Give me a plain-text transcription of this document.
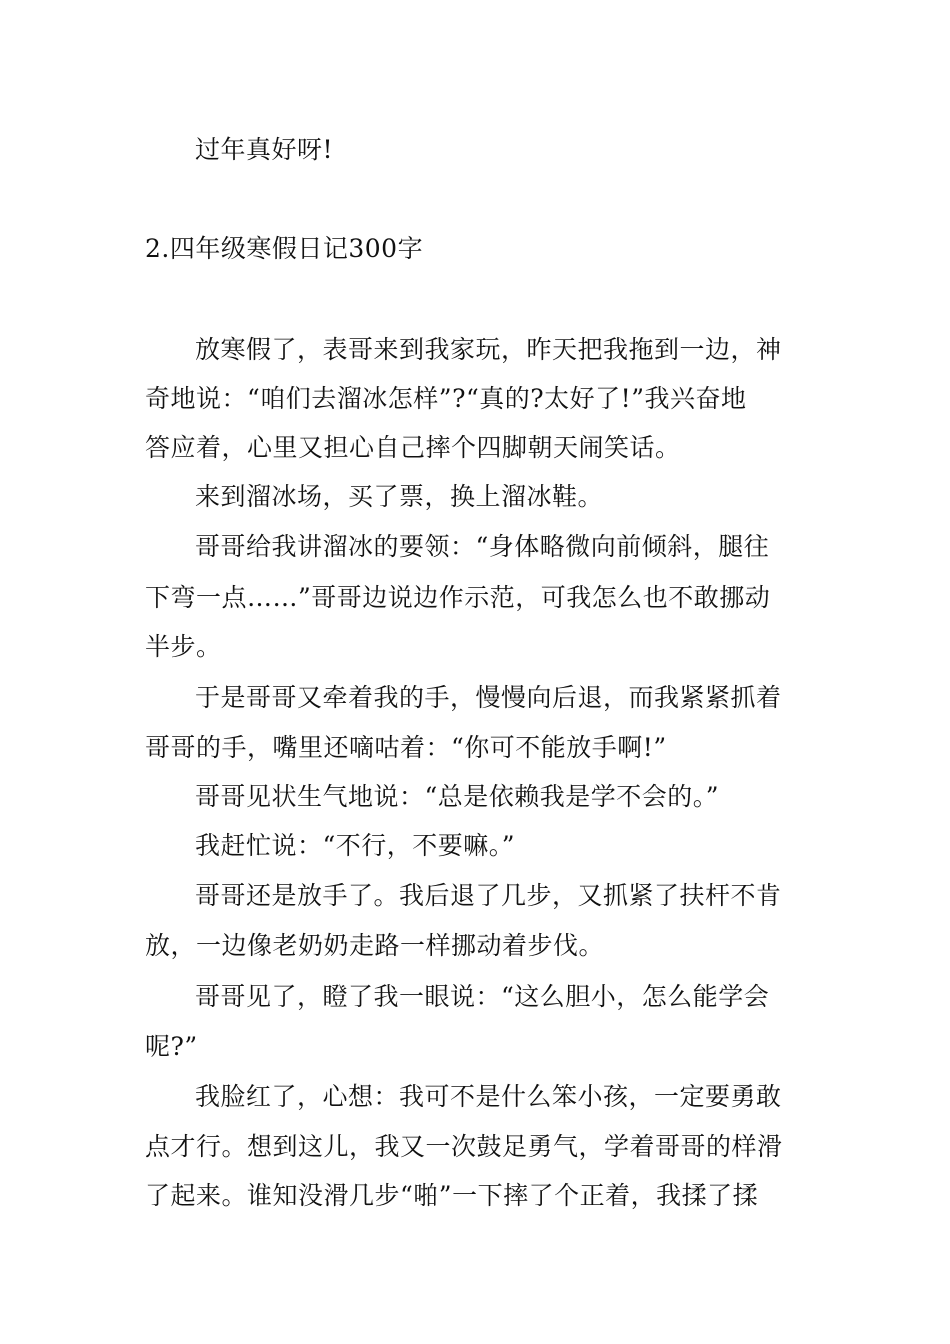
过年真好呀!
2.四年级寒假日记300字
放寒假了，表哥来到我家玩，昨天把我拖到一边，神
奇地说：“咱们去溜冰怎样”?“真的?太好了!”我兴奋地
答应着，心里又担心自己摔个四脚朝天闹笑话。
来到溜冰场，买了票，换上溜冰鞋。
哥哥给我讲溜冰的要领：“身体略微向前倾斜，腿往
下弯一点……”哥哥边说边作示范，可我怎么也不敢挪动
半步。
于是哥哥又牵着我的手，慢慢向后退，而我紧紧抓着
哥哥的手，嘴里还嘀咕着：“你可不能放手啊!”
哥哥见状生气地说：“总是依赖我是学不会的。”
我赶忙说：“不行，不要嘛。”
哥哥还是放手了。我后退了几步，又抓紧了扶杆不肯
放，一边像老奶奶走路一样挪动着步伐。
哥哥见了，瞪了我一眼说：“这么胆小，怎么能学会
呢?”
我脸红了，心想：我可不是什么笨小孩，一定要勇敢
点才行。想到这儿，我又一次鼓足勇气，学着哥哥的样滑
了起来。谁知没滑几步“啪”一下摔了个正着，我揉了揉
